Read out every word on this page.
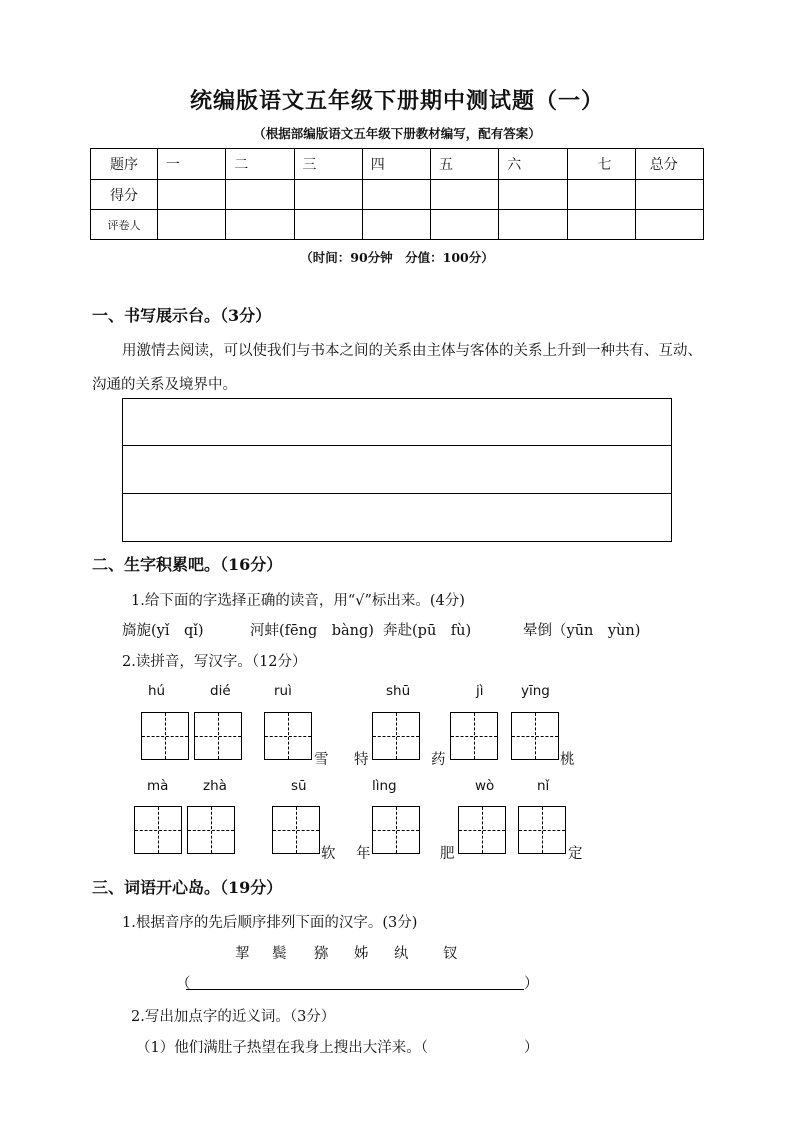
统编版语文五年级下册期中测试题（一）
（根据部编版语文五年级下册教材编写，配有答案）
题序	一	二	三	四	五	六	七	总分
得分								
评卷人								
（时间：90分钟　分值：100分）
一、书写展示台。（3分）
用激情去阅读，可以使我们与书本之间的关系由主体与客体的关系上升到一种共有、互动、沟通的关系及境界中。
二、生字积累吧。（16分）
1.给下面的字选择正确的读音，用“√”标出来。(4分)
旖旎(yǐ　qǐ)	河蚌(fēng　bàng) 奔赴(pū　fù)	晕倒（yūn　yùn)
2.读拼音，写汉字。（12分）
hú	dié	ruì	shū	jì	yīng
雪 特	药	桃
mà	zhà	sū	lìng	wò	nǐ
软 年	肥	定
三、词语开心岛。（19分）
1.根据音序的先后顺序排列下面的汉字。(3分)
挈 鬓 猕 姊 纨 钗
（	）
2.写出加点字的近义词。（3分）
（1）他们满肚子热望在我身上搜出大洋来。（	）
